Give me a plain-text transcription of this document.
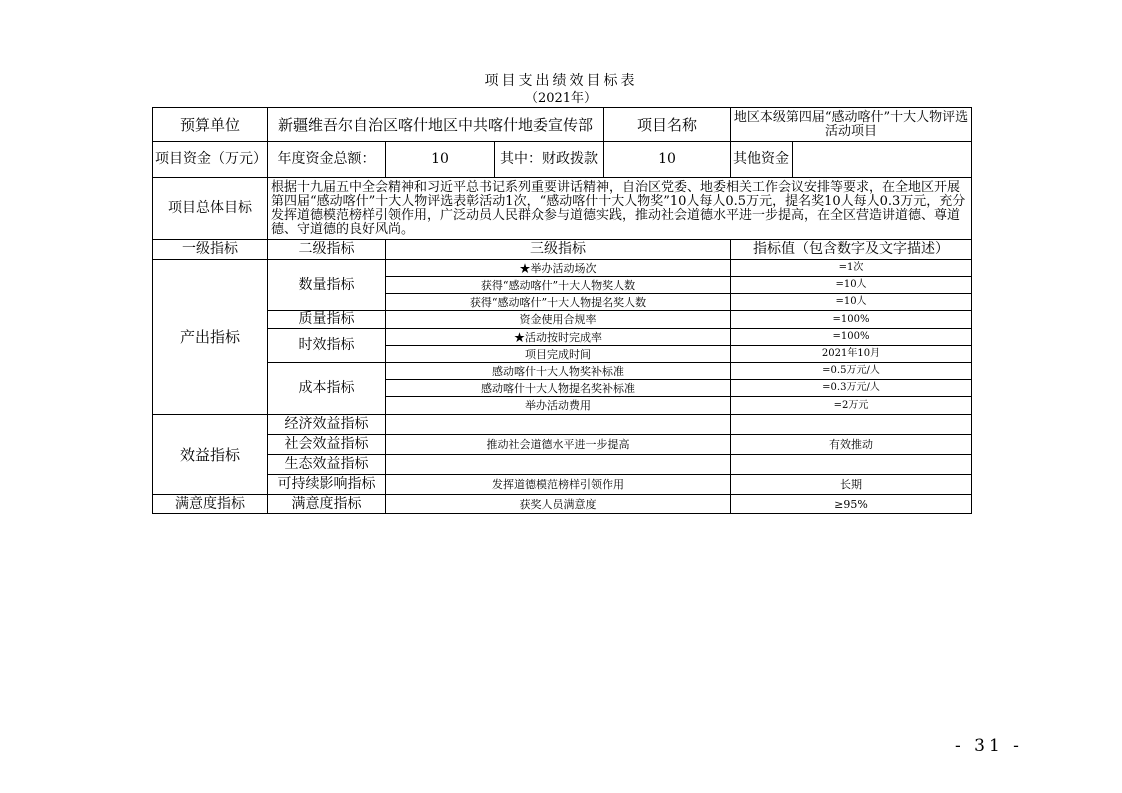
项目支出绩效目标表
（2021年）
预算单位	新疆维吾尔自治区喀什地区中共喀什地委宣传部			项目名称	地区本级第四届“感动喀什”十大人物评选活动项目	
项目资金（万元）	年度资金总额：	10	其中：财政拨款	10	其他资金	
项目总体目标	根据十九届五中全会精神和习近平总书记系列重要讲话精神，自治区党委、地委相关工作会议安排等要求，在全地区开展第四届“感动喀什”十大人物评选表彰活动1次，“感动喀什十大人物奖”10人每人0.5万元，提名奖10人每人0.3万元，充分发挥道德模范榜样引领作用，广泛动员人民群众参与道德实践，推动社会道德水平进一步提高，在全区营造讲道德、尊道德、守道德的良好风尚。					
一级指标	二级指标	三级指标			指标值（包含数字及文字描述）	
产出指标	数量指标	★举办活动场次			=1次	
		获得“感动喀什”十大人物奖人数			=10人	
		获得“感动喀什”十大人物提名奖人数			=10人	
	质量指标	资金使用合规率			=100%	
	时效指标	★活动按时完成率			=100%	
		项目完成时间			2021年10月	
	成本指标	感动喀什十大人物奖补标准			=0.5万元/人	
		感动喀什十大人物提名奖补标准			=0.3万元/人	
		举办活动费用			=2万元	
效益指标	经济效益指标					
	社会效益指标	推动社会道德水平进一步提高			有效推动	
	生态效益指标					
	可持续影响指标	发挥道德模范榜样引领作用			长期	
满意度指标	满意度指标	获奖人员满意度			≥95%	
- 31 -
